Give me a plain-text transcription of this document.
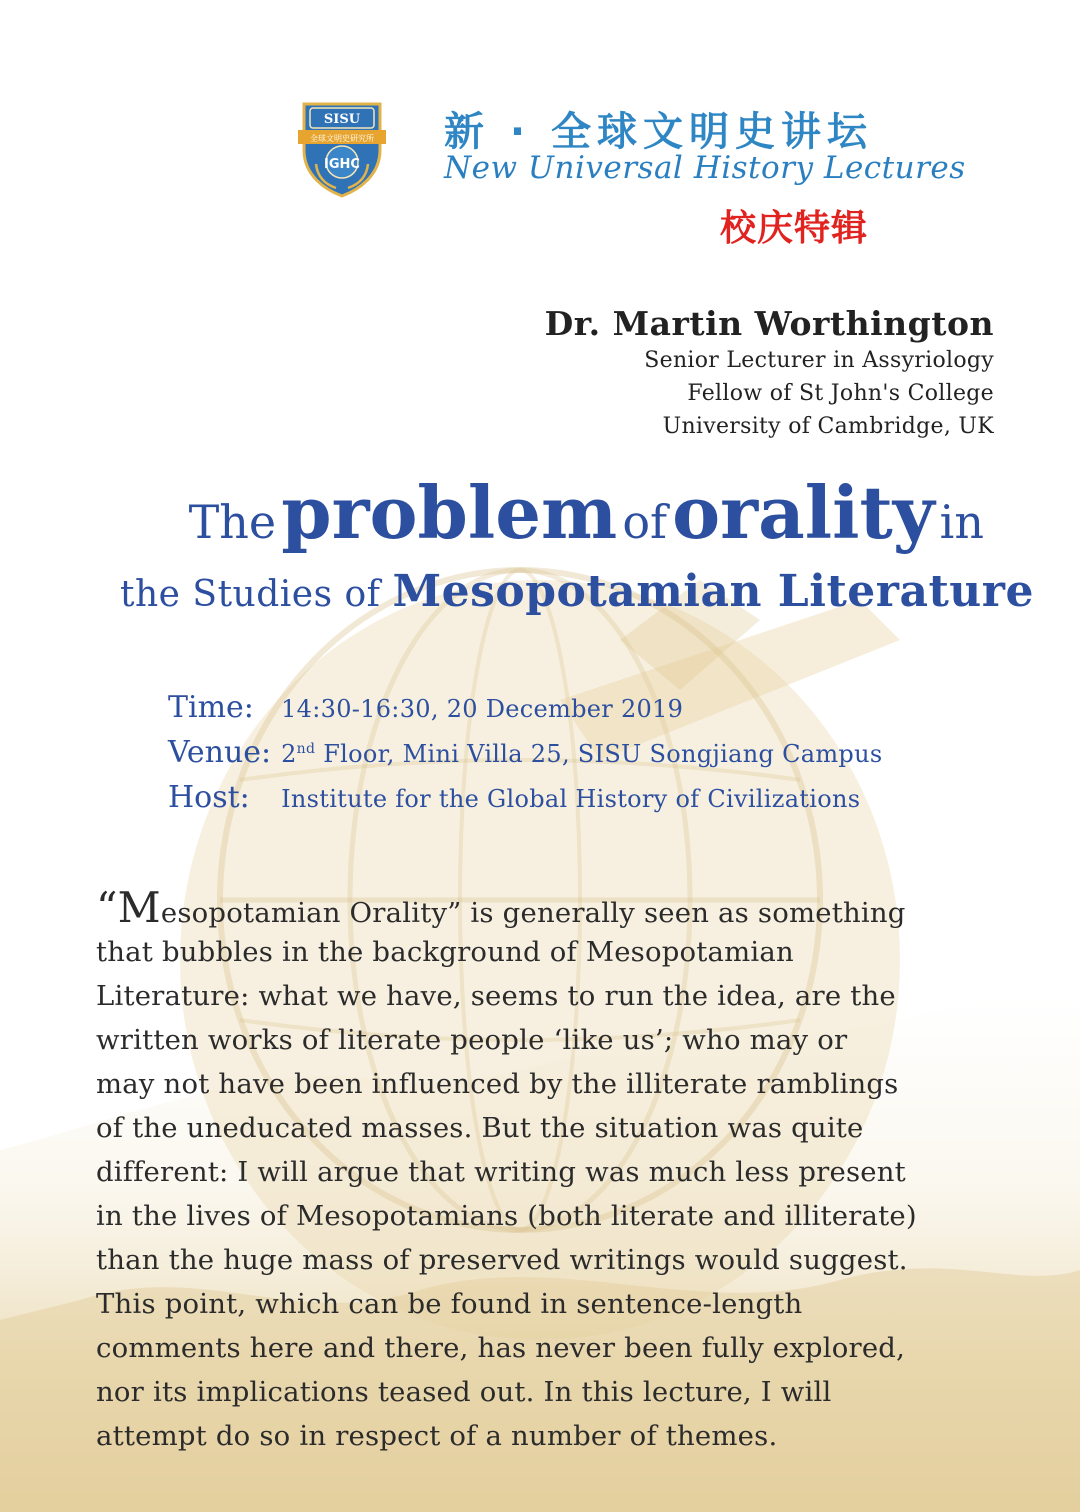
SISU
全球文明史研究所
IGHC
新 · 全球文明史讲坛
New Universal History Lectures
校庆特辑
Dr. Martin Worthington
Senior Lecturer in Assyriology
Fellow of St John's College
University of Cambridge, UK
The problem of orality in
the Studies of Mesopotamian Literature
Time: 14:30-16:30, 20 December 2019
Venue: 2nd Floor, Mini Villa 25, SISU Songjiang Campus
Host: Institute for the Global History of Civilizations
“Mesopotamian Orality” is generally seen as something
that bubbles in the background of Mesopotamian
Literature: what we have, seems to run the idea, are the
written works of literate people ‘like us’; who may or
may not have been influenced by the illiterate ramblings
of the uneducated masses. But the situation was quite
different: I will argue that writing was much less present
in the lives of Mesopotamians (both literate and illiterate)
than the huge mass of preserved writings would suggest.
This point, which can be found in sentence-length
comments here and there, has never been fully explored,
nor its implications teased out. In this lecture, I will
attempt do so in respect of a number of themes.
